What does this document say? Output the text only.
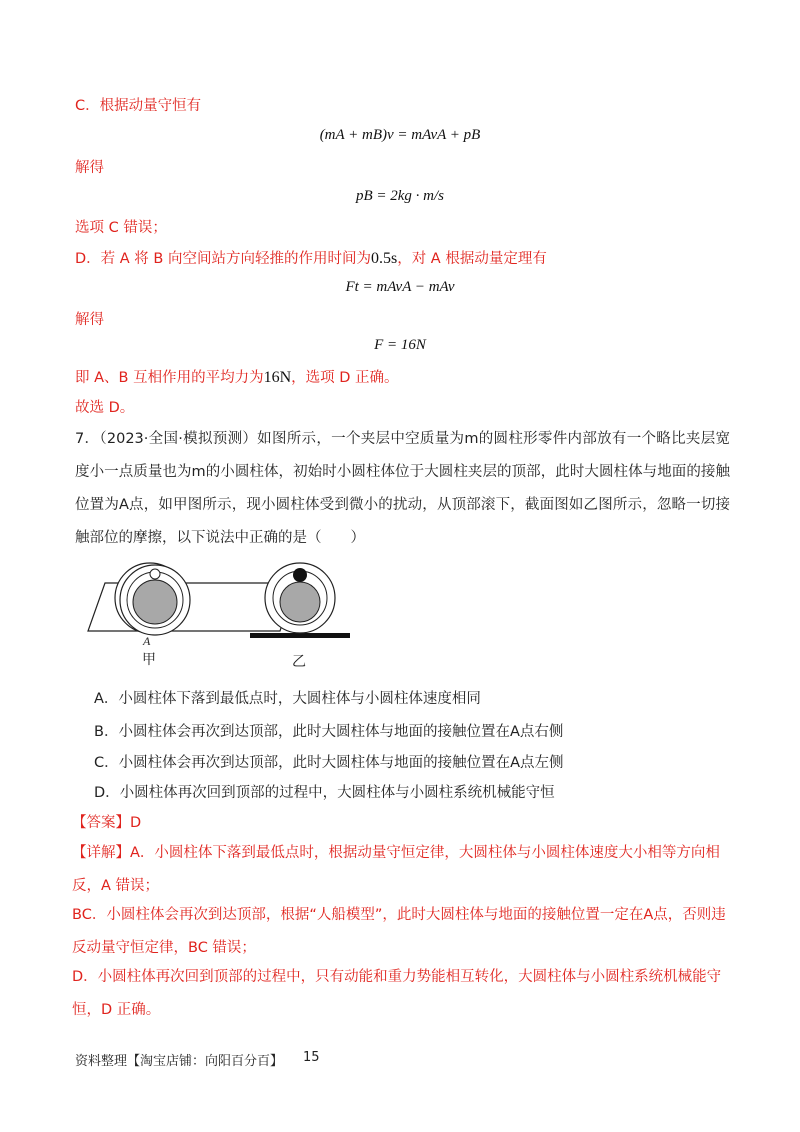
C．根据动量守恒有
(mA + mB)v = mAvA + pB
解得
pB = 2kg · m/s
选项 C 错误；
D．若 A 将 B 向空间站方向轻推的作用时间为0.5s，对 A 根据动量定理有
Ft = mAvA − mAv
解得
F = 16N
即 A、B 互相作用的平均力为16N，选项 D 正确。
故选 D。
7．（2023·全国·模拟预测）如图所示，一个夹层中空质量为m的圆柱形零件内部放有一个略比夹层宽度小一点质量也为m的小圆柱体，初始时小圆柱体位于大圆柱夹层的顶部，此时大圆柱体与地面的接触位置为A点，如甲图所示，现小圆柱体受到微小的扰动，从顶部滚下，截面图如乙图所示，忽略一切接触部位的摩擦，以下说法中正确的是（　　）
A
甲	乙
A．小圆柱体下落到最低点时，大圆柱体与小圆柱体速度相同
B．小圆柱体会再次到达顶部，此时大圆柱体与地面的接触位置在A点右侧
C．小圆柱体会再次到达顶部，此时大圆柱体与地面的接触位置在A点左侧
D．小圆柱体再次回到顶部的过程中，大圆柱体与小圆柱系统机械能守恒
【答案】D
【详解】A．小圆柱体下落到最低点时，根据动量守恒定律，大圆柱体与小圆柱体速度大小相等方向相反，A 错误；
BC．小圆柱体会再次到达顶部，根据“人船模型”，此时大圆柱体与地面的接触位置一定在A点，否则违反动量守恒定律，BC 错误；
D．小圆柱体再次回到顶部的过程中，只有动能和重力势能相互转化，大圆柱体与小圆柱系统机械能守恒，D 正确。
资料整理【淘宝店铺：向阳百分百】 15
